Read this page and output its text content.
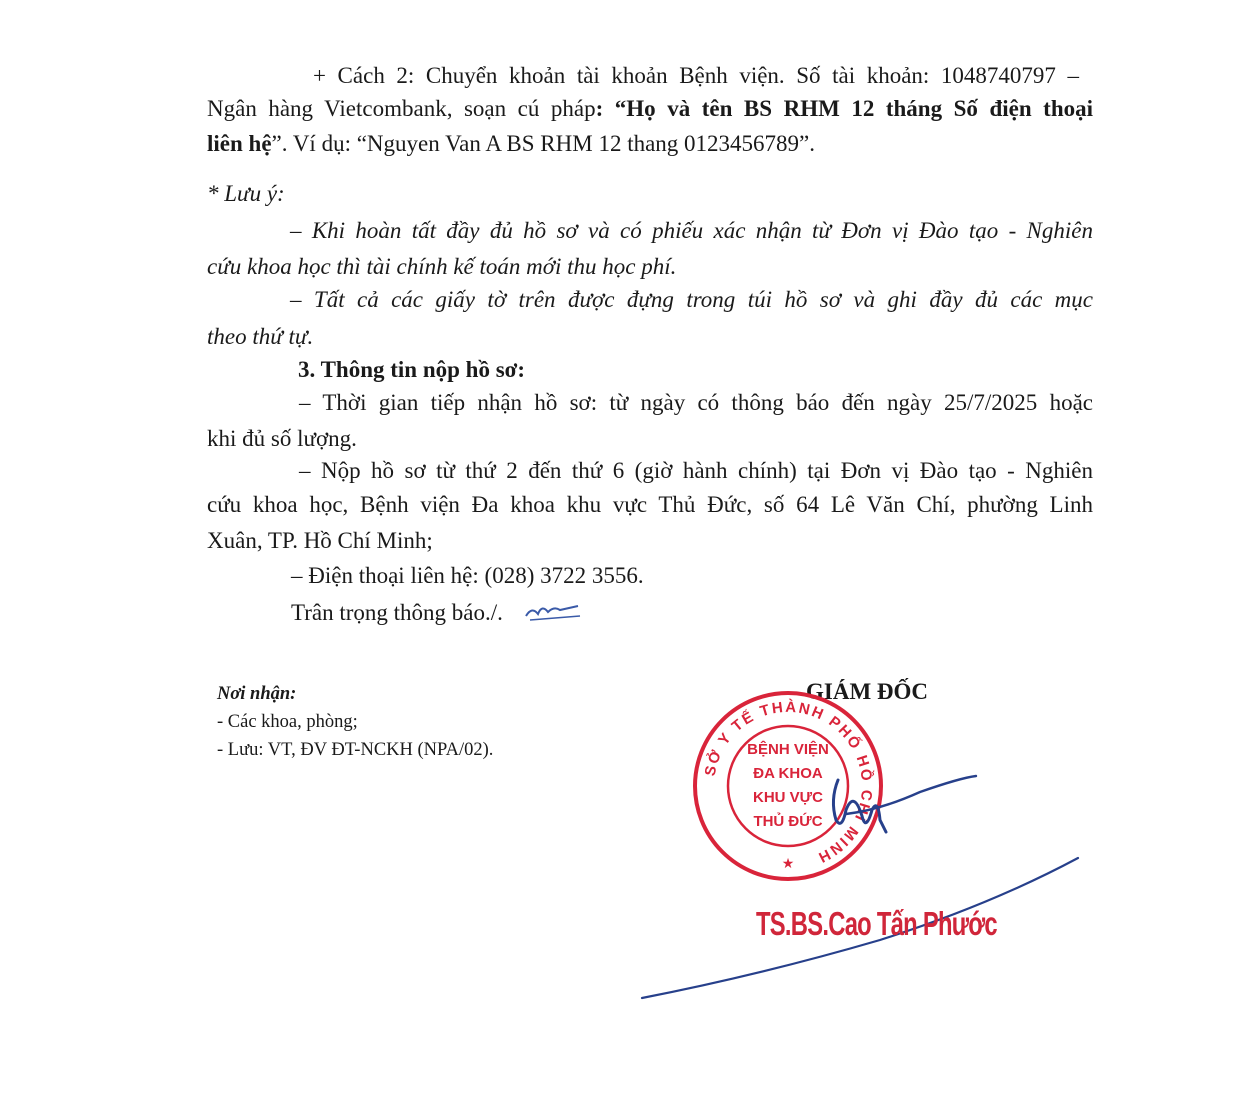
+ Cách 2: Chuyển khoản tài khoản Bệnh viện. Số tài khoản: 1048740797 –
Ngân hàng Vietcombank, soạn cú pháp: “Họ và tên BS RHM 12 tháng Số điện thoại
liên hệ”. Ví dụ: “Nguyen Van A BS RHM 12 thang 0123456789”.
* Lưu ý:
– Khi hoàn tất đầy đủ hồ sơ và có phiếu xác nhận từ Đơn vị Đào tạo - Nghiên
cứu khoa học thì tài chính kế toán mới thu học phí.
– Tất cả các giấy tờ trên được đựng trong túi hồ sơ và ghi đầy đủ các mục
theo thứ tự.
3. Thông tin nộp hồ sơ:
– Thời gian tiếp nhận hồ sơ: từ ngày có thông báo đến ngày 25/7/2025 hoặc
khi đủ số lượng.
– Nộp hồ sơ từ thứ 2 đến thứ 6 (giờ hành chính) tại Đơn vị Đào tạo - Nghiên
cứu khoa học, Bệnh viện Đa khoa khu vực Thủ Đức, số 64 Lê Văn Chí, phường Linh
Xuân, TP. Hồ Chí Minh;
– Điện thoại liên hệ: (028) 3722 3556.
Trân trọng thông báo./.
Nơi nhận:
- Các khoa, phòng;
- Lưu: VT, ĐV ĐT-NCKH (NPA/02).
GIÁM ĐỐC
SỞ Y TẾ THÀNH PHỐ HỒ CHÍ MINH
BỆNH VIỆN
ĐA KHOA
KHU VỰC
THỦ ĐỨC
★
TS.BS.Cao Tấn Phước
